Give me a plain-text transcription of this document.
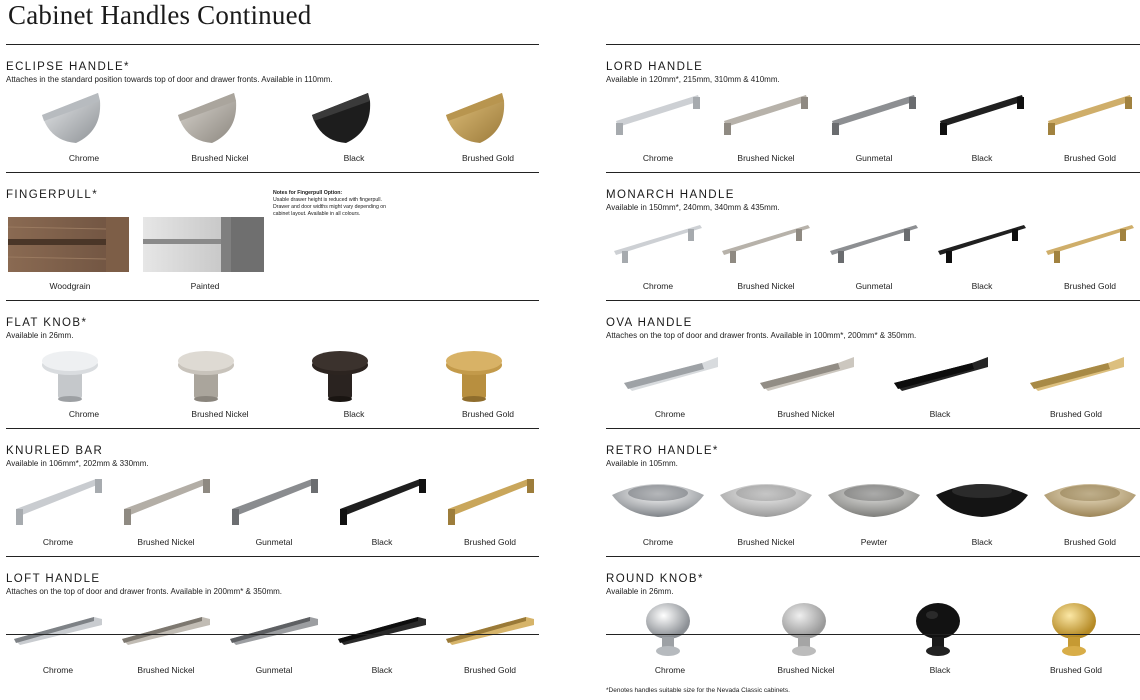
Cabinet Handles Continued
ECLIPSE HANDLE*
Attaches in the standard position towards top of door and drawer fronts. Available in 110mm.
Chrome	Brushed Nickel	Black	Brushed Gold
FINGERPULL*
Woodgrain	Painted
FLAT KNOB*
Available in 26mm.
Chrome	Brushed Nickel	Black	Brushed Gold
KNURLED BAR
Available in 106mm*, 202mm & 330mm.
Chrome	Brushed Nickel	Gunmetal	Black	Brushed Gold
LOFT HANDLE
Attaches on the top of door and drawer fronts. Available in 200mm* & 350mm.
Chrome	Brushed Nickel	Gunmetal	Black	Brushed Gold
Notes for Fingerpull Option:
Usable drawer height is reduced with fingerpull. Drawer and door widths might vary depending on cabinet layout. Available in all colours.
LORD HANDLE
Available in 120mm*, 215mm, 310mm & 410mm.
Chrome	Brushed Nickel	Gunmetal	Black	Brushed Gold
MONARCH HANDLE
Available in 150mm*, 240mm, 340mm & 435mm.
Chrome	Brushed Nickel	Gunmetal	Black	Brushed Gold
OVA HANDLE
Attaches on the top of door and drawer fronts. Available in 100mm*, 200mm* & 350mm.
Chrome	Brushed Nickel	Black	Brushed Gold
RETRO HANDLE*
Available in 105mm.
Chrome	Brushed Nickel	Pewter	Black	Brushed Gold
ROUND KNOB*
Available in 26mm.
Chrome	Brushed Nickel	Black	Brushed Gold
*Denotes handles suitable size for the Nevada Classic cabinets.
